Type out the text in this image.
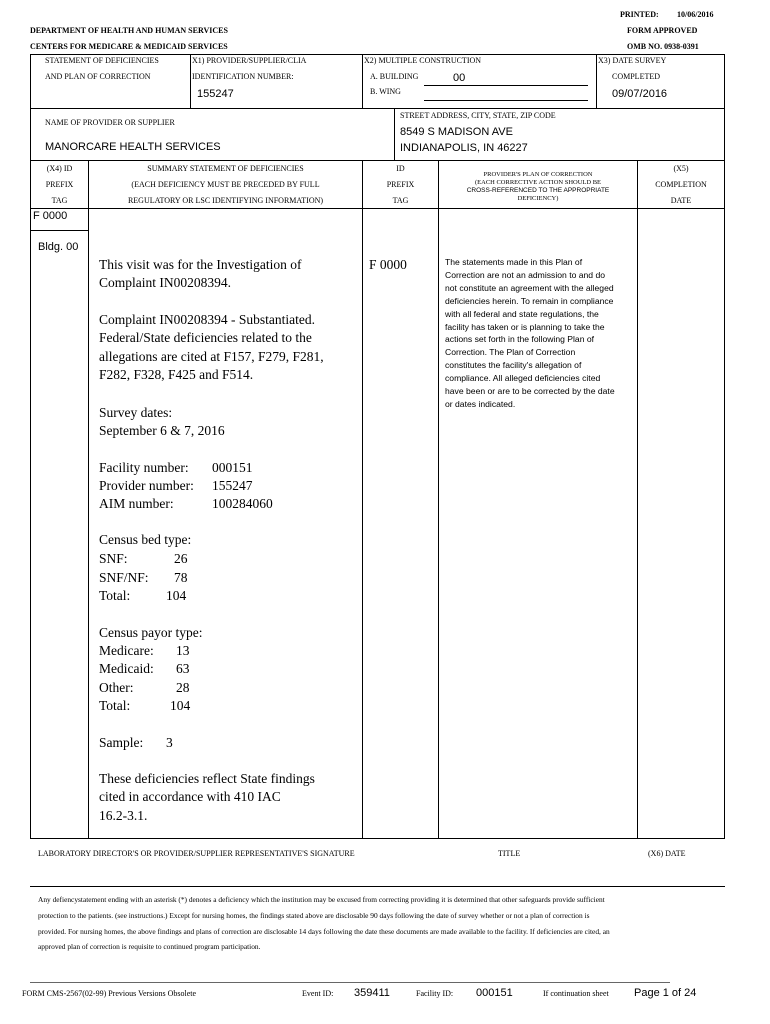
PRINTED: 10/06/2016
FORM APPROVED
OMB NO. 0938-0391
DEPARTMENT OF HEALTH AND HUMAN SERVICES
CENTERS FOR MEDICARE & MEDICAID SERVICES
STATEMENT OF DEFICIENCIES
AND PLAN OF CORRECTION
X1) PROVIDER/SUPPLIER/CLIA
IDENTIFICATION NUMBER:
155247
X2) MULTIPLE CONSTRUCTION
A. BUILDING	00
B. WING
X3) DATE SURVEY
COMPLETED
09/07/2016
NAME OF PROVIDER OR SUPPLIER
MANORCARE HEALTH SERVICES
STREET ADDRESS, CITY, STATE, ZIP CODE
8549 S MADISON AVE
INDIANAPOLIS, IN 46227
(X4) ID
PREFIX
TAG
SUMMARY STATEMENT OF DEFICIENCIES
(EACH DEFICIENCY MUST BE PRECEDED BY FULL
REGULATORY OR LSC IDENTIFYING INFORMATION)
ID
PREFIX
TAG
PROVIDER'S PLAN OF CORRECTION
(EACH CORRECTIVE ACTION SHOULD BE
CROSS-REFERENCED TO THE APPROPRIATE
DEFICIENCY)
(X5)
COMPLETION
DATE
F 0000
Bldg. 00
F 0000
This visit was for the Investigation of
Complaint IN00208394.
Complaint IN00208394 - Substantiated.
Federal/State deficiencies related to the
allegations are cited at F157, F279, F281,
F282, F328, F425 and F514.
Survey dates:
September 6 & 7, 2016
Facility number: 000151
Provider number: 155247
AIM number:	100284060
Census bed type:
SNF:	26
SNF/NF: 78
Total:	104
Census payor type:
Medicare: 13
Medicaid: 63
Other:	28
Total:	104
Sample: 3
These deficiencies reflect State findings
cited in accordance with 410 IAC
16.2-3.1.
The statements made in this Plan of Correction are not an admission to and do not constitute an agreement with the alleged deficiencies herein. To remain in compliance with all federal and state regulations, the facility has taken or is planning to take the actions set forth in the following Plan of Correction. The Plan of Correction constitutes the facility's allegation of compliance. All alleged deficiencies cited have been or are to be corrected by the date or dates indicated.
LABORATORY DIRECTOR'S OR PROVIDER/SUPPLIER REPRESENTATIVE'S SIGNATURE	TITLE	(X6) DATE
Any defiencystatement ending with an asterisk (*) denotes a deficiency which the institution may be excused from correcting providing it is determined that other safeguards provide sufficient protection to the patients. (see instructions.) Except for nursing homes, the findings stated above are disclosable 90 days following the date of survey whether or not a plan of correction is provided. For nursing homes, the above findings and plans of correction are disclosable 14 days following the date these documents are made available to the facility. If deficiencies are cited, an approved plan of correction is requisite to continued program participation.
FORM CMS-2567(02-99) Previous Versions Obsolete	Event ID: 359411	Facility ID: 000151	If continuation sheet Page 1 of 24
